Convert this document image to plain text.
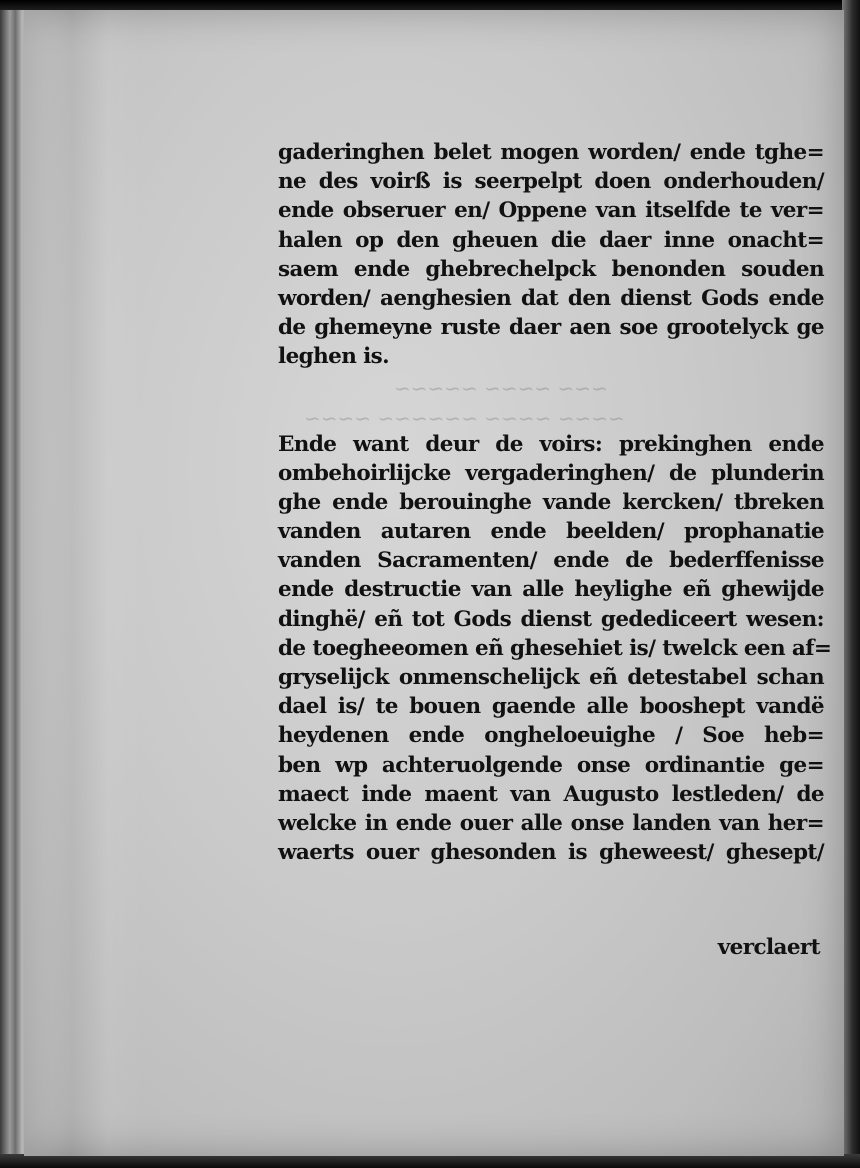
~~~ ~~~~ ~~~~~
~~~~ ~~~~ ~~~~~~ ~~~~
gaderinghen belet mogen worden/ ende tghe=
ne des voirß is seerpelpt doen onderhouden/
ende obseruer en/ Oppene van itselfde te ver=
halen op den gheuen die daer inne onacht=
saem ende ghebrechelpck benonden souden
worden/ aenghesien dat den dienst Gods ende
de ghemeyne ruste daer aen soe grootelyck ge
leghen is.
Ende want deur de voirs: prekinghen ende
ombehoirlijcke vergaderinghen/ de plunderin
ghe ende berouinghe vande kercken/ tbreken
vanden autaren ende beelden/ prophanatie
vanden Sacramenten/ ende de bederffenisse
ende destructie van alle heylighe eñ ghewijde
dinghë/ eñ tot Gods dienst gedediceert wesen:
de toegheeomen eñ ghesehiet is/ twelck een af=
gryselijck onmenschelijck eñ detestabel schan
dael is/ te bouen gaende alle booshept vandë
heydenen ende ongheloeuighe / Soe heb=
ben wp achteruolgende onse ordinantie ge=
maect inde maent van Augusto lestleden/ de
welcke in ende ouer alle onse landen van her=
waerts ouer ghesonden is gheweest/ ghesept/
verclaert
